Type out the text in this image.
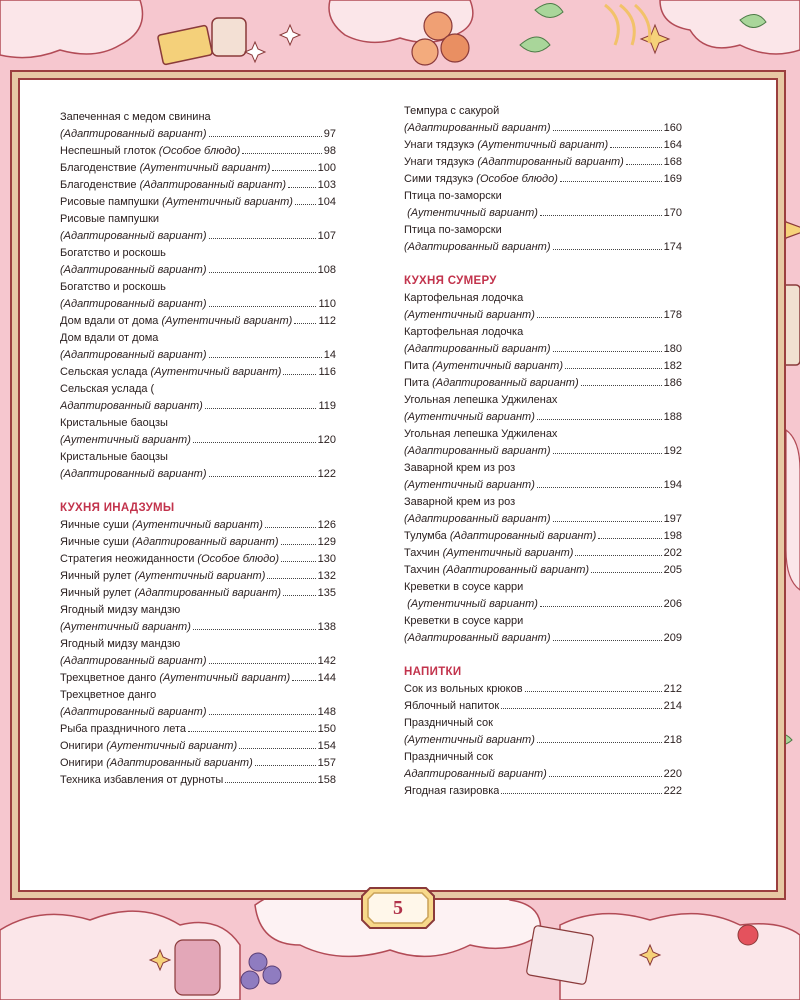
Запеченная с медом свинина
(Адаптированный вариант)	97
Неспешный глоток (Особое блюдо)	98
Благоденствие (Аутентичный вариант)	100
Благоденствие (Адаптированный вариант)	103
Рисовые пампушки (Аутентичный вариант) 104
Рисовые пампушки
(Адаптированный вариант)	107
Богатство и роскошь
(Адаптированный вариант)	108
Богатство и роскошь
(Адаптированный вариант)	110
Дом вдали от дома (Аутентичный вариант) 112
Дом вдали от дома
(Адаптированный вариант)	14
Сельская услада (Аутентичный вариант)	116
Сельская услада (
Адаптированный вариант)	119
Кристальные баоцзы
(Аутентичный вариант)	120
Кристальные баоцзы
(Адаптированный вариант)	122
КУХНЯ ИНАДЗУМЫ
Яичные суши (Аутентичный вариант)	126
Яичные суши (Адаптированный вариант)	129
Стратегия неожиданности (Особое блюдо)	130
Яичный рулет (Аутентичный вариант)	132
Яичный рулет (Адаптированный вариант)	135
Ягодный мидзу мандзю
(Аутентичный вариант)	138
Ягодный мидзу мандзю
(Адаптированный вариант)	142
Трехцветное данго (Аутентичный вариант) 144
Трехцветное данго
(Адаптированный вариант)	148
Рыба праздничного лета	150
Онигири (Аутентичный вариант)	154
Онигири (Адаптированный вариант)	157
Техника избавления от дурноты	158
Темпура с сакурой
(Адаптированный вариант)	160
Унаги тядзукэ (Аутентичный вариант)	164
Унаги тядзукэ (Адаптированный вариант)	168
Сими тядзукэ (Особое блюдо)	169
Птица по-заморски
(Аутентичный вариант)	170
Птица по-заморски
(Адаптированный вариант)	174
КУХНЯ СУМЕРУ
Картофельная лодочка
(Аутентичный вариант)	178
Картофельная лодочка
(Адаптированный вариант)	180
Пита (Аутентичный вариант)	182
Пита (Адаптированный вариант)	186
Угольная лепешка Уджиленах
(Аутентичный вариант)	188
Угольная лепешка Уджиленах
(Адаптированный вариант)	192
Заварной крем из роз
(Аутентичный вариант)	194
Заварной крем из роз
(Адаптированный вариант)	197
Тулумба (Адаптированный вариант)	198
Тахчин (Аутентичный вариант)	202
Тахчин (Адаптированный вариант)	205
Креветки в соусе карри
(Аутентичный вариант)	206
Креветки в соусе карри
(Адаптированный вариант)	209
НАПИТКИ
Сок из вольных крюков	212
Яблочный напиток	214
Праздничный сок
(Аутентичный вариант)	218
Праздничный сок
Адаптированный вариант)	220
Ягодная газировка	222
5
